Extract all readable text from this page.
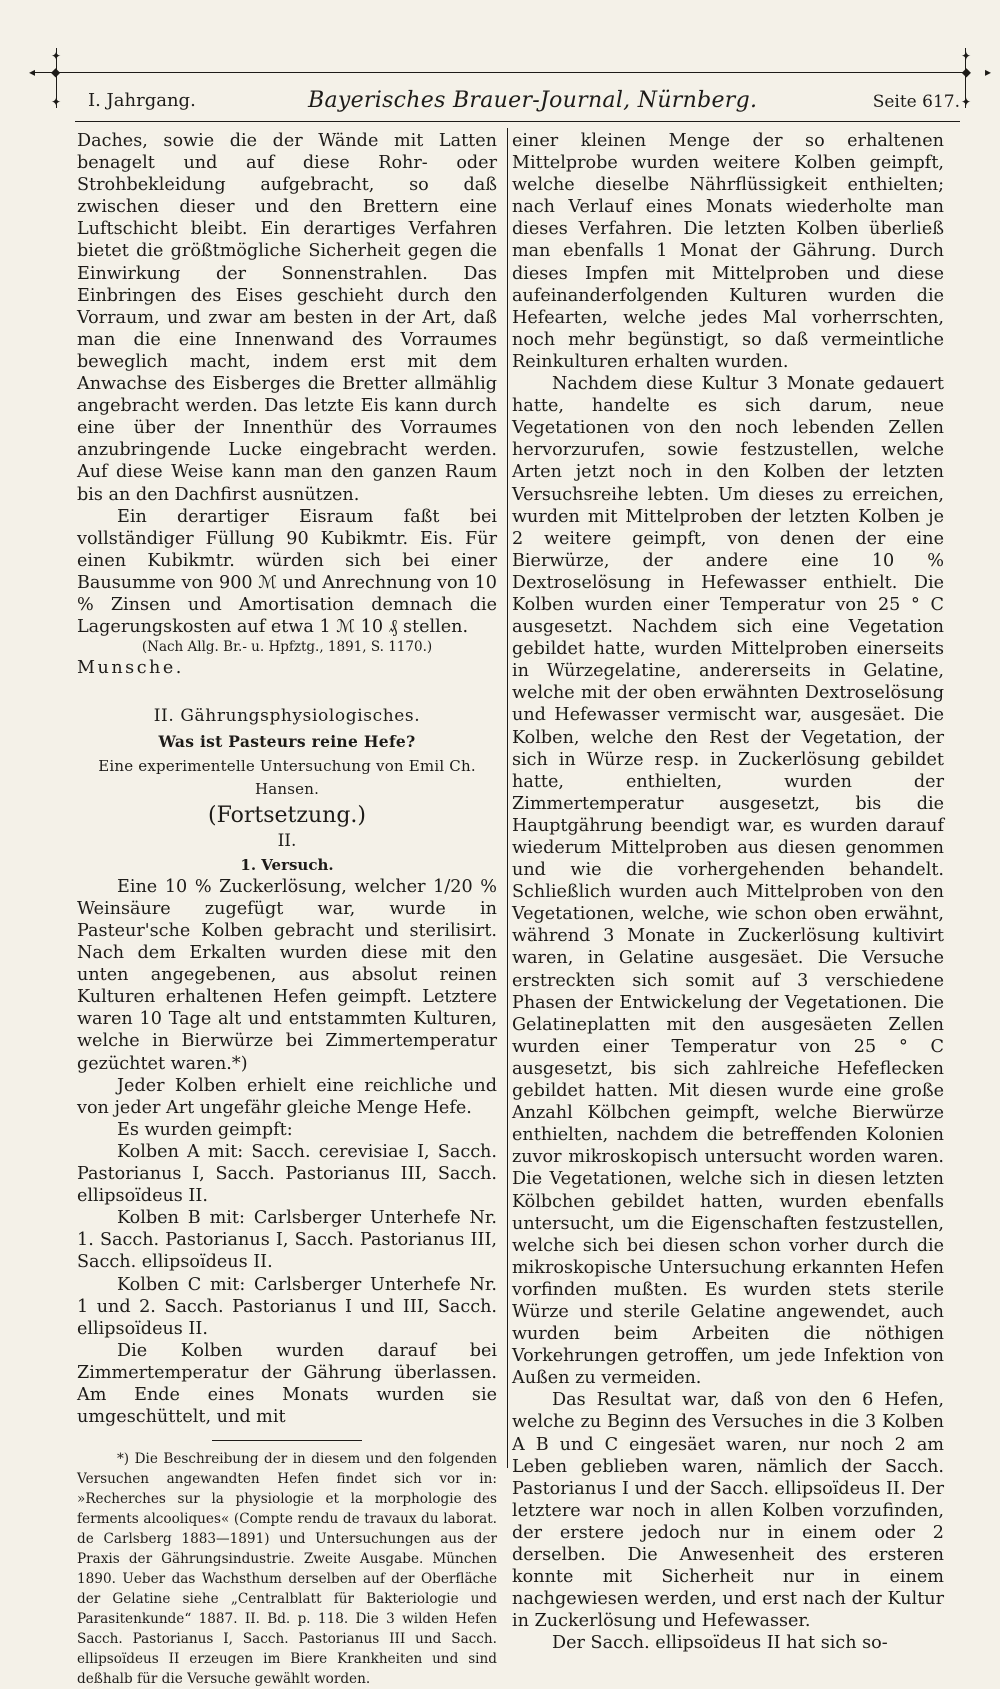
✦
◆
◂
✦
✦
◆ ▸
✦
I. Jahrgang.	Bayerisches Brauer-Journal, Nürnberg.	Seite 617.

Daches, sowie die der Wände mit Latten benagelt und auf diese Rohr- oder Strohbekleidung aufgebracht, so daß zwischen dieser und den Brettern eine Luftschicht bleibt. Ein derartiges Verfahren bietet die größtmögliche Sicherheit gegen die Einwirkung der Sonnenstrahlen. Das Einbringen des Eises geschieht durch den Vorraum, und zwar am besten in der Art, daß man die eine Innenwand des Vorraumes beweglich macht, indem erst mit dem Anwachse des Eisberges die Bretter allmählig angebracht werden. Das letzte Eis kann durch eine über der Innenthür des Vorraumes anzubringende Lucke eingebracht werden. Auf diese Weise kann man den ganzen Raum bis an den Dachfirst ausnützen.

Ein derartiger Eisraum faßt bei vollständiger Füllung 90 Kubikmtr. Eis. Für einen Kubikmtr. würden sich bei einer Bausumme von 900 ℳ und Anrechnung von 10 % Zinsen und Amortisation demnach die Lagerungskosten auf etwa 1 ℳ 10 ₰ stellen.

(Nach Allg. Br.- u. Hpfztg., 1891, S. 1170.)

Munsche.

II. Gährungsphysiologisches.
Was ist Pasteurs reine Hefe?
Eine experimentelle Untersuchung von Emil Ch. Hansen.
(Fortsetzung.)
II.
1. Versuch.

Eine 10 % Zuckerlösung, welcher 1/20 % Weinsäure zugefügt war, wurde in Pasteur'sche Kolben gebracht und sterilisirt. Nach dem Erkalten wurden diese mit den unten angegebenen, aus absolut reinen Kulturen erhaltenen Hefen geimpft. Letztere waren 10 Tage alt und entstammten Kulturen, welche in Bierwürze bei Zimmertemperatur gezüchtet waren.*)

Jeder Kolben erhielt eine reichliche und von jeder Art ungefähr gleiche Menge Hefe.

Es wurden geimpft:

Kolben A mit: Sacch. cerevisiae I, Sacch. Pastorianus I, Sacch. Pastorianus III, Sacch. ellipsoïdeus II.

Kolben B mit: Carlsberger Unterhefe Nr. 1. Sacch. Pastorianus I, Sacch. Pastorianus III, Sacch. ellipsoïdeus II.

Kolben C mit: Carlsberger Unterhefe Nr. 1 und 2. Sacch. Pastorianus I und III, Sacch. ellipsoïdeus II.

Die Kolben wurden darauf bei Zimmertemperatur der Gährung überlassen. Am Ende eines Monats wurden sie umgeschüttelt, und mit

*) Die Beschreibung der in diesem und den folgenden Versuchen angewandten Hefen findet sich vor in: »Recherches sur la physiologie et la morphologie des ferments alcooliques« (Compte rendu de travaux du laborat. de Carlsberg 1883—1891) und Untersuchungen aus der Praxis der Gährungsindustrie. Zweite Ausgabe. München 1890. Ueber das Wachsthum derselben auf der Oberfläche der Gelatine siehe „Centralblatt für Bakteriologie und Parasitenkunde“ 1887. II. Bd. p. 118. Die 3 wilden Hefen Sacch. Pastorianus I, Sacch. Pastorianus III und Sacch. ellipsoïdeus II erzeugen im Biere Krankheiten und sind deßhalb für die Versuche gewählt worden.

einer kleinen Menge der so erhaltenen Mittelprobe wurden weitere Kolben geimpft, welche dieselbe Nährflüssigkeit enthielten; nach Verlauf eines Monats wiederholte man dieses Verfahren. Die letzten Kolben überließ man ebenfalls 1 Monat der Gährung. Durch dieses Impfen mit Mittelproben und diese aufeinanderfolgenden Kulturen wurden die Hefearten, welche jedes Mal vorherrschten, noch mehr begünstigt, so daß vermeintliche Reinkulturen erhalten wurden.

Nachdem diese Kultur 3 Monate gedauert hatte, handelte es sich darum, neue Vegetationen von den noch lebenden Zellen hervorzurufen, sowie festzustellen, welche Arten jetzt noch in den Kolben der letzten Versuchsreihe lebten. Um dieses zu erreichen, wurden mit Mittelproben der letzten Kolben je 2 weitere geimpft, von denen der eine Bierwürze, der andere eine 10 % Dextroselösung in Hefewasser enthielt. Die Kolben wurden einer Temperatur von 25 ° C ausgesetzt. Nachdem sich eine Vegetation gebildet hatte, wurden Mittelproben einerseits in Würzegelatine, andererseits in Gelatine, welche mit der oben erwähnten Dextroselösung und Hefewasser vermischt war, ausgesäet. Die Kolben, welche den Rest der Vegetation, der sich in Würze resp. in Zuckerlösung gebildet hatte, enthielten, wurden der Zimmertemperatur ausgesetzt, bis die Hauptgährung beendigt war, es wurden darauf wiederum Mittelproben aus diesen genommen und wie die vorhergehenden behandelt. Schließlich wurden auch Mittelproben von den Vegetationen, welche, wie schon oben erwähnt, während 3 Monate in Zuckerlösung kultivirt waren, in Gelatine ausgesäet. Die Versuche erstreckten sich somit auf 3 verschiedene Phasen der Entwickelung der Vegetationen. Die Gelatineplatten mit den ausgesäeten Zellen wurden einer Temperatur von 25 ° C ausgesetzt, bis sich zahlreiche Hefeflecken gebildet hatten. Mit diesen wurde eine große Anzahl Kölbchen geimpft, welche Bierwürze enthielten, nachdem die betreffenden Kolonien zuvor mikroskopisch untersucht worden waren. Die Vegetationen, welche sich in diesen letzten Kölbchen gebildet hatten, wurden ebenfalls untersucht, um die Eigenschaften festzustellen, welche sich bei diesen schon vorher durch die mikroskopische Untersuchung erkannten Hefen vorfinden mußten. Es wurden stets sterile Würze und sterile Gelatine angewendet, auch wurden beim Arbeiten die nöthigen Vorkehrungen getroffen, um jede Infektion von Außen zu vermeiden.

Das Resultat war, daß von den 6 Hefen, welche zu Beginn des Versuches in die 3 Kolben A B und C eingesäet waren, nur noch 2 am Leben geblieben waren, nämlich der Sacch. Pastorianus I und der Sacch. ellipsoïdeus II. Der letztere war noch in allen Kolben vorzufinden, der erstere jedoch nur in einem oder 2 derselben. Die Anwesenheit des ersteren konnte mit Sicherheit nur in einem nachgewiesen werden, und erst nach der Kultur in Zuckerlösung und Hefewasser.

Der Sacch. ellipsoïdeus II hat sich so-
